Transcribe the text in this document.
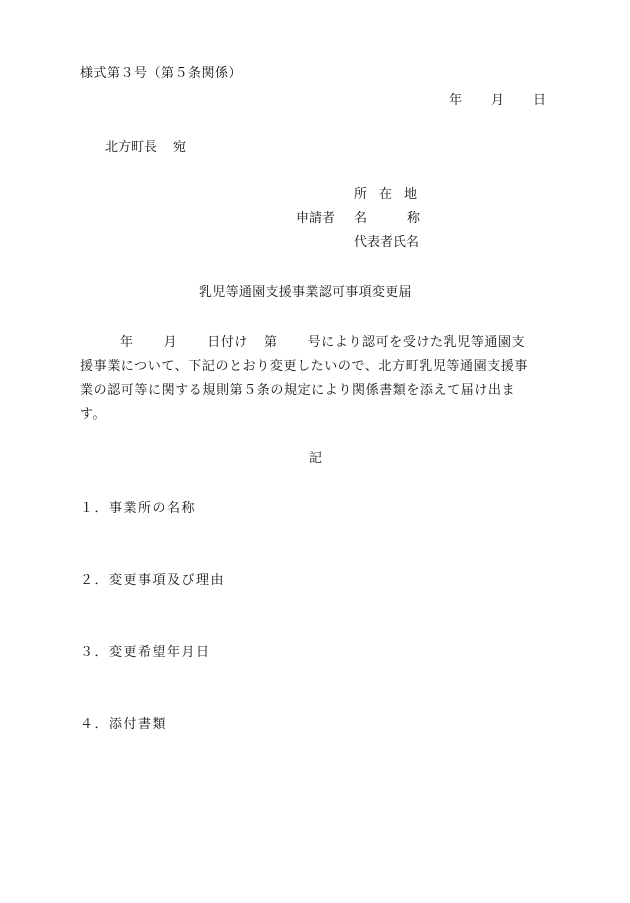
様式第３号（第５条関係）
年 月 日
北方町長 宛
申請者
所 在 地
名	称
代表者氏名
乳児等通園支援事業認可事項変更届
年 月 日付け 第 号により認可を受けた乳児等通園支
援事業について、下記のとおり変更したいので、北方町乳児等通園支援事
業の認可等に関する規則第５条の規定により関係書類を添えて届け出ま
す。
記
１．事業所の名称
２．変更事項及び理由
３．変更希望年月日
４．添付書類
